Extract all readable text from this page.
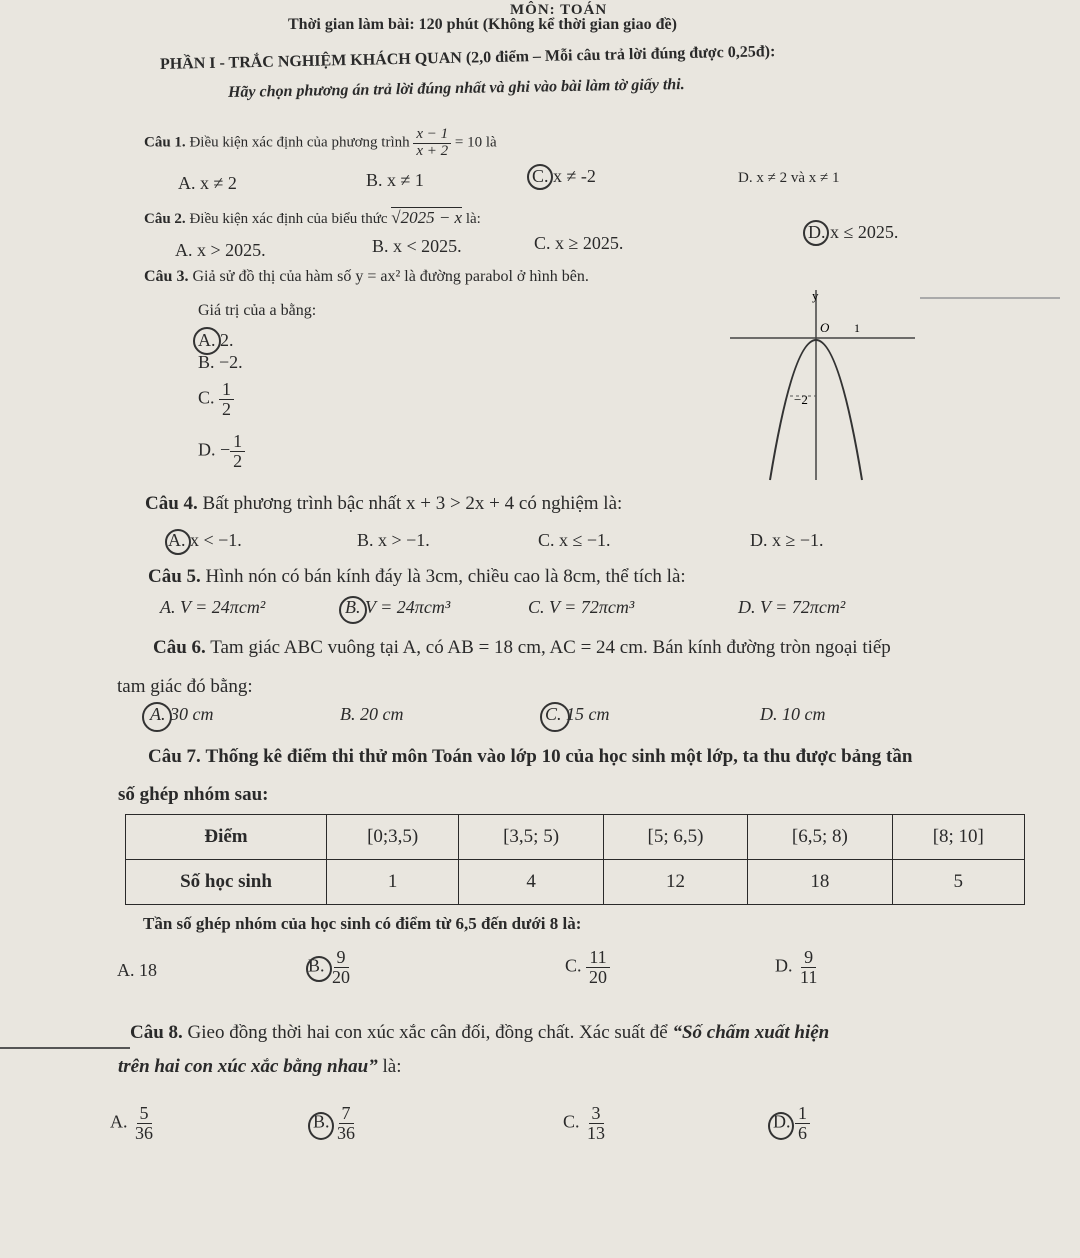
MÔN: TOÁN
Thời gian làm bài: 120 phút (Không kể thời gian giao đề)
PHẦN I - TRẮC NGHIỆM KHÁCH QUAN (2,0 điểm – Mỗi câu trả lời đúng được 0,25đ):
Hãy chọn phương án trả lời đúng nhất và ghi vào bài làm tờ giấy thi.
Câu 1. Điều kiện xác định của phương trình $\frac{x - 1}{x + 2} = 10$ là
A. x ≠ 2	B. x ≠ 1	C. x ≠ -2	D. x ≠ 2 và x ≠ 1
Câu 2. Điều kiện xác định của biểu thức √2025 − x là:
A. x > 2025.	B. x < 2025.	C. x ≥ 2025.
D. x ≤ 2025.
Câu 3. Giả sử đồ thị của hàm số y = ax² là đường parabol ở hình bên.
Giá trị của a bằng:
A. 2.
B. −2.
C. $\frac{1}{2}$
D. − $\frac{1}{2}$
y
O 1
−2
Câu 4. Bất phương trình bậc nhất x + 3 > 2x + 4 có nghiệm là:
A. x < −1.	B. x > −1.	C. x ≤ −1.	D. x ≥ −1.
Câu 5. Hình nón có bán kính đáy là 3cm, chiều cao là 8cm, thể tích là:
A. V = 24πcm²	B. V = 24πcm³	C. V = 72πcm³	D. V = 72πcm²
Câu 6. Tam giác ABC vuông tại A, có AB = 18 cm, AC = 24 cm. Bán kính đường tròn ngoại tiếp
tam giác đó bằng:
A. 30 cm	B. 20 cm	C. 15 cm	D. 10 cm
Câu 7. Thống kê điểm thi thử môn Toán vào lớp 10 của học sinh một lớp, ta thu được bảng tần
số ghép nhóm sau:
Điểm	[0;3,5)	[3,5; 5)	[5; 6,5)	[6,5; 8)	[8; 10]
Số học sinh	1	4	12	18	5
Tần số ghép nhóm của học sinh có điểm từ 6,5 đến dưới 8 là:
A. 18	B. $\frac{9}{20}$	C. $\frac{11}{20}$	D. $\frac{9}{11}$
Câu 8. Gieo đồng thời hai con xúc xắc cân đối, đồng chất. Xác suất để “Số chấm xuất hiện
trên hai con xúc xắc bằng nhau” là:
A. $\frac{5}{36}$	B. $\frac{7}{36}$	C. $\frac{3}{13}$	D. $\frac{1}{6}$
